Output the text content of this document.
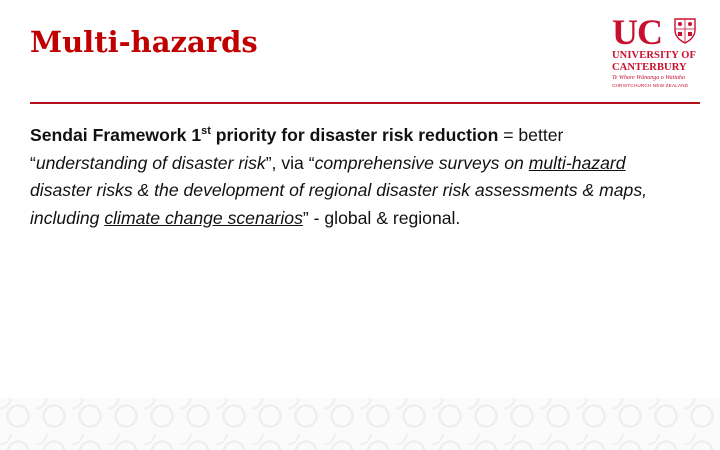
Multi-hazards	UC
UNIVERSITY OF
CANTERBURY
Te Whare Wānanga o Waitaha
CHRISTCHURCH NEW ZEALAND

Sendai Framework 1st priority for disaster risk reduction = better “understanding of disaster risk”, via “comprehensive surveys on multi-hazard disaster risks & the development of regional disaster risk assessments & maps, including climate change scenarios” - global & regional.
